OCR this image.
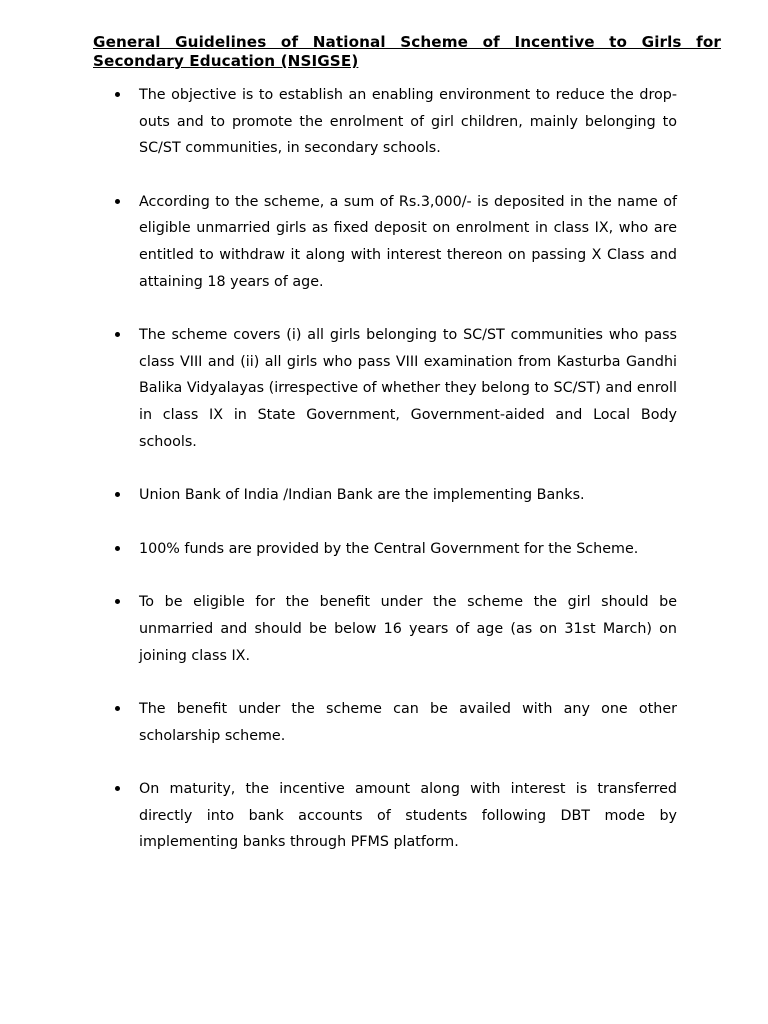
General Guidelines of National Scheme of Incentive to Girls for Secondary Education (NSIGSE)
The objective is to establish an enabling environment to reduce the drop-outs and to promote the enrolment of girl children, mainly belonging to SC/ST communities, in secondary schools.
According to the scheme, a sum of Rs.3,000/- is deposited in the name of eligible unmarried girls as fixed deposit on enrolment in class IX, who are entitled to withdraw it along with interest thereon on passing X Class and attaining 18 years of age.
The scheme covers (i) all girls belonging to SC/ST communities who pass class VIII and (ii) all girls who pass VIII examination from Kasturba Gandhi Balika Vidyalayas (irrespective of whether they belong to SC/ST) and enroll in class IX in State Government, Government-aided and Local Body schools.
Union Bank of India /Indian Bank are the implementing Banks.
100% funds are provided by the Central Government for the Scheme.
To be eligible for the benefit under the scheme the girl should be unmarried and should be below 16 years of age (as on 31st March) on joining class IX.
The benefit under the scheme can be availed with any one other scholarship scheme.
On maturity, the incentive amount along with interest is transferred directly into bank accounts of students following DBT mode by implementing banks through PFMS platform.
